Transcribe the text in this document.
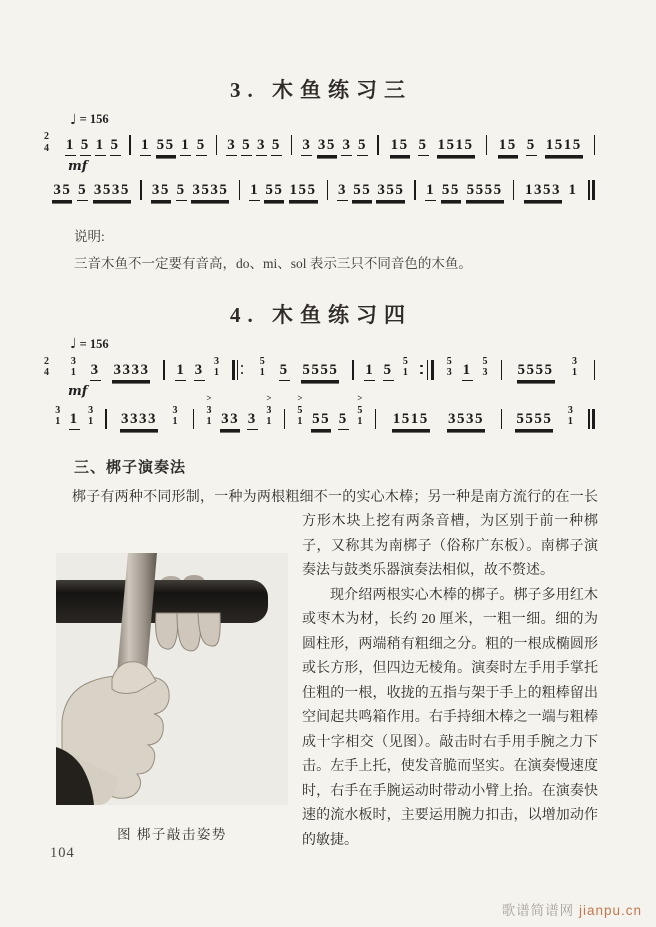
3. 木鱼练习三
♩ = 156
2
4 1 5 1 5 1 55 1 5 3 5 3 5 3 35 3 5 15 5 1515 15 5 1515
mf
35 5 3535 35 5 3535 1 55 155 3 55 355 1 55 5555 1353 1
说明:
三音木鱼不一定要有音高，do、mi、sol 表示三只不同音色的木鱼。
4. 木鱼练习四
♩ = 156
2
4
3
1 3 3333 1 3
3
1
5
1 5 5555 1 5
5
1
5
3 1
5
3 5555
3
1
mf
3
1 1
3
1 3333
3
1
>
3
1 33 3
>
3
1
>
5
1 55 5
>
5
1 1515 3535 5555
3
1
三、梆子演奏法
图 梆子敲击姿势

梆子有两种不同形制，一种为两根粗细不一的实心木棒；另一种是南方流行的在一长方形木块上挖有两条音槽，为区别于前一种梆子，又称其为南梆子（俗称广东板）。南梆子演奏法与鼓类乐器演奏法相似，故不赘述。

现介绍两根实心木棒的梆子。梆子多用红木或枣木为材，长约 20 厘米，一粗一细。细的为圆柱形，两端稍有粗细之分。粗的一根成椭圆形或长方形，但四边无棱角。演奏时左手用手掌托住粗的一根，收拢的五指与架于手上的粗棒留出空间起共鸣箱作用。右手持细木棒之一端与粗棒成十字相交（见图）。敲击时右手用手腕之力下击。左手上托，使发音脆而坚实。在演奏慢速度时，右手在手腕运动时带动小臂上抬。在演奏快速的流水板时，主要运用腕力扣击，以增加动作的敏捷。

104
歌谱简谱网 jianpu.cn
